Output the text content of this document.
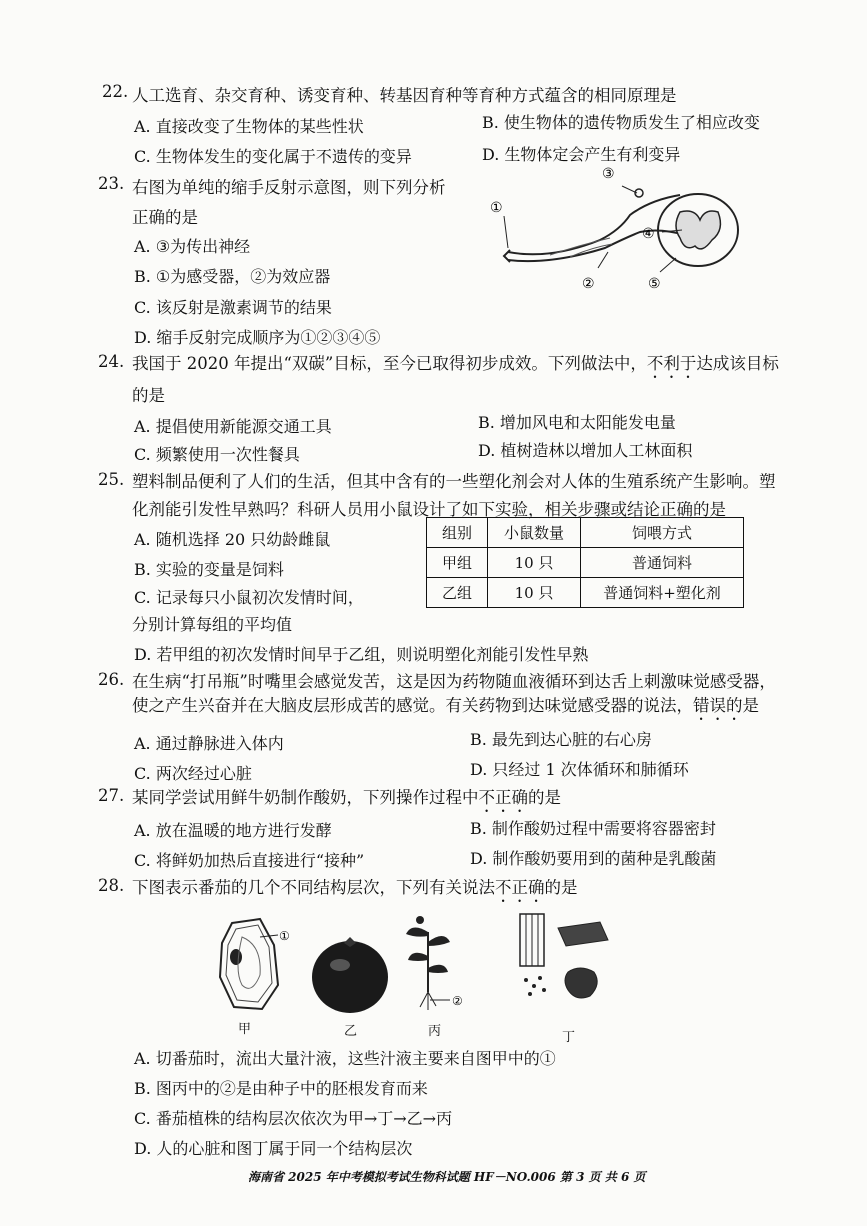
22. 人工选育、杂交育种、诱变育种、转基因育种等育种方式蕴含的相同原理是
A. 直接改变了生物体的某些性状	B. 使生物体的遗传物质发生了相应改变
C. 生物体发生的变化属于不遗传的变异	D. 生物体定会产生有利变异
23. 右图为单纯的缩手反射示意图，则下列分析
正确的是
A. ③为传出神经
B. ①为感受器，②为效应器
C. 该反射是激素调节的结果
D. 缩手反射完成顺序为①②③④⑤
①
②
③
④
⑤
24. 我国于 2020 年提出“双碳”目标，至今已取得初步成效。下列做法中，不利于达成该目标
的是
A. 提倡使用新能源交通工具	B. 增加风电和太阳能发电量
C. 频繁使用一次性餐具	D. 植树造林以增加人工林面积
25. 塑料制品便利了人们的生活，但其中含有的一些塑化剂会对人体的生殖系统产生影响。塑
化剂能引发性早熟吗？科研人员用小鼠设计了如下实验，相关步骤或结论正确的是
A. 随机选择 20 只幼龄雌鼠
B. 实验的变量是饲料
C. 记录每只小鼠初次发情时间，
分别计算每组的平均值
D. 若甲组的初次发情时间早于乙组，则说明塑化剂能引发性早熟
组别	小鼠数量	饲喂方式
甲组	10 只	普通饲料
乙组	10 只	普通饲料+塑化剂
26. 在生病“打吊瓶”时嘴里会感觉发苦，这是因为药物随血液循环到达舌上刺激味觉感受器，
使之产生兴奋并在大脑皮层形成苦的感觉。有关药物到达味觉感受器的说法，错误的是
A. 通过静脉进入体内	B. 最先到达心脏的右心房
C. 两次经过心脏	D. 只经过 1 次体循环和肺循环
27. 某同学尝试用鲜牛奶制作酸奶，下列操作过程中不正确的是
A. 放在温暖的地方进行发酵	B. 制作酸奶过程中需要将容器密封
C. 将鲜奶加热后直接进行“接种”	D. 制作酸奶要用到的菌种是乳酸菌
28. 下图表示番茄的几个不同结构层次，下列有关说法不正确的是
①
甲	乙
②
丙	丁
A. 切番茄时，流出大量汁液，这些汁液主要来自图甲中的①
B. 图丙中的②是由种子中的胚根发育而来
C. 番茄植株的结构层次依次为甲→丁→乙→丙
D. 人的心脏和图丁属于同一个结构层次
海南省 2025 年中考模拟考试生物科试题 HF－NO.006 第 3 页 共 6 页
